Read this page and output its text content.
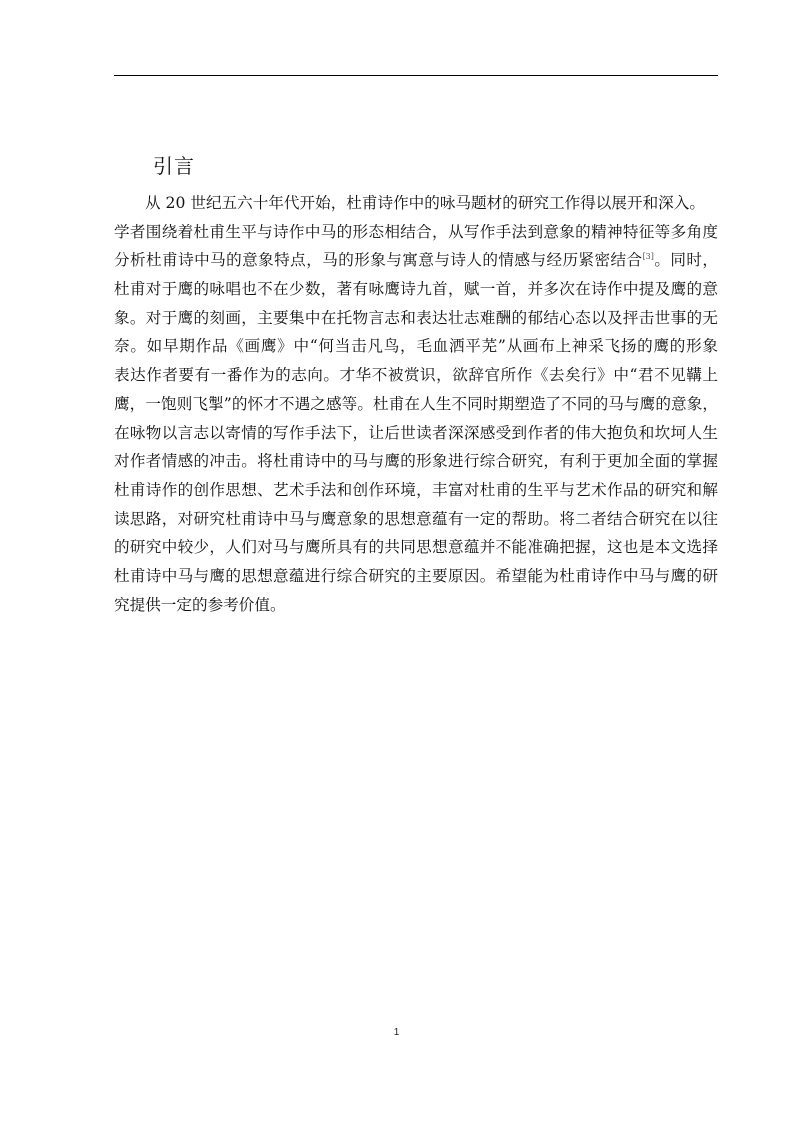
引言
从 20 世纪五六十年代开始，杜甫诗作中的咏马题材的研究工作得以展开和深入。
学者围绕着杜甫生平与诗作中马的形态相结合，从写作手法到意象的精神特征等多角度
分析杜甫诗中马的意象特点，马的形象与寓意与诗人的情感与经历紧密结合[3]。同时，
杜甫对于鹰的咏唱也不在少数，著有咏鹰诗九首，赋一首，并多次在诗作中提及鹰的意
象。对于鹰的刻画，主要集中在托物言志和表达壮志难酬的郁结心态以及抨击世事的无
奈。如早期作品《画鹰》中“何当击凡鸟，毛血洒平芜”从画布上神采飞扬的鹰的形象
表达作者要有一番作为的志向。才华不被赏识，欲辞官所作《去矣行》中“君不见鞲上
鹰，一饱则飞掣”的怀才不遇之感等。杜甫在人生不同时期塑造了不同的马与鹰的意象，
在咏物以言志以寄情的写作手法下，让后世读者深深感受到作者的伟大抱负和坎坷人生
对作者情感的冲击。将杜甫诗中的马与鹰的形象进行综合研究，有利于更加全面的掌握
杜甫诗作的创作思想、艺术手法和创作环境，丰富对杜甫的生平与艺术作品的研究和解
读思路，对研究杜甫诗中马与鹰意象的思想意蕴有一定的帮助。将二者结合研究在以往
的研究中较少，人们对马与鹰所具有的共同思想意蕴并不能准确把握，这也是本文选择
杜甫诗中马与鹰的思想意蕴进行综合研究的主要原因。希望能为杜甫诗作中马与鹰的研
究提供一定的参考价值。
1
